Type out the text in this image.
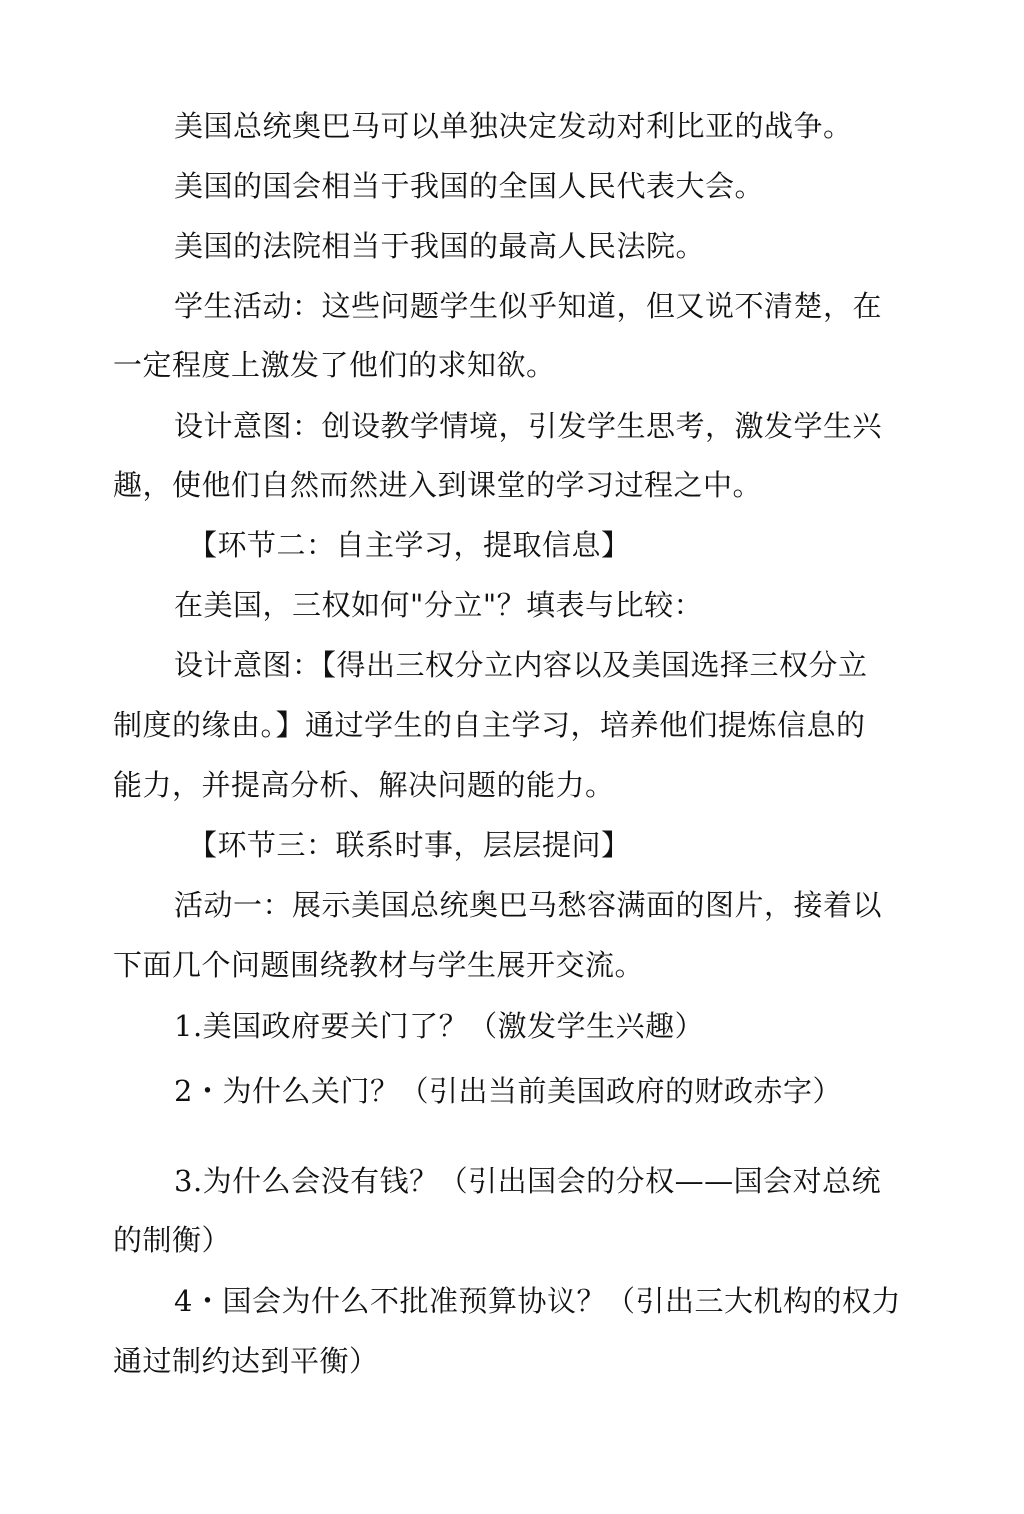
美国总统奥巴马可以单独决定发动对利比亚的战争。

美国的国会相当于我国的全国人民代表大会。

美国的法院相当于我国的最高人民法院。

学生活动：这些问题学生似乎知道，但又说不清楚，在

一定程度上激发了他们的求知欲。

设计意图：创设教学情境，引发学生思考，激发学生兴

趣，使他们自然而然进入到课堂的学习过程之中。

【环节二：自主学习，提取信息】

在美国，三权如何"分立"？填表与比较：

设计意图：【得出三权分立内容以及美国选择三权分立

制度的缘由。】通过学生的自主学习，培养他们提炼信息的

能力，并提高分析、解决问题的能力。

【环节三：联系时事，层层提问】

活动一：展示美国总统奥巴马愁容满面的图片，接着以

下面几个问题围绕教材与学生展开交流。

1.美国政府要关门了？（激发学生兴趣）

2・为什么关门？（引出当前美国政府的财政赤字）

3.为什么会没有钱？（引出国会的分权——国会对总统

的制衡）

4・国会为什么不批准预算协议？（引出三大机构的权力

通过制约达到平衡）
